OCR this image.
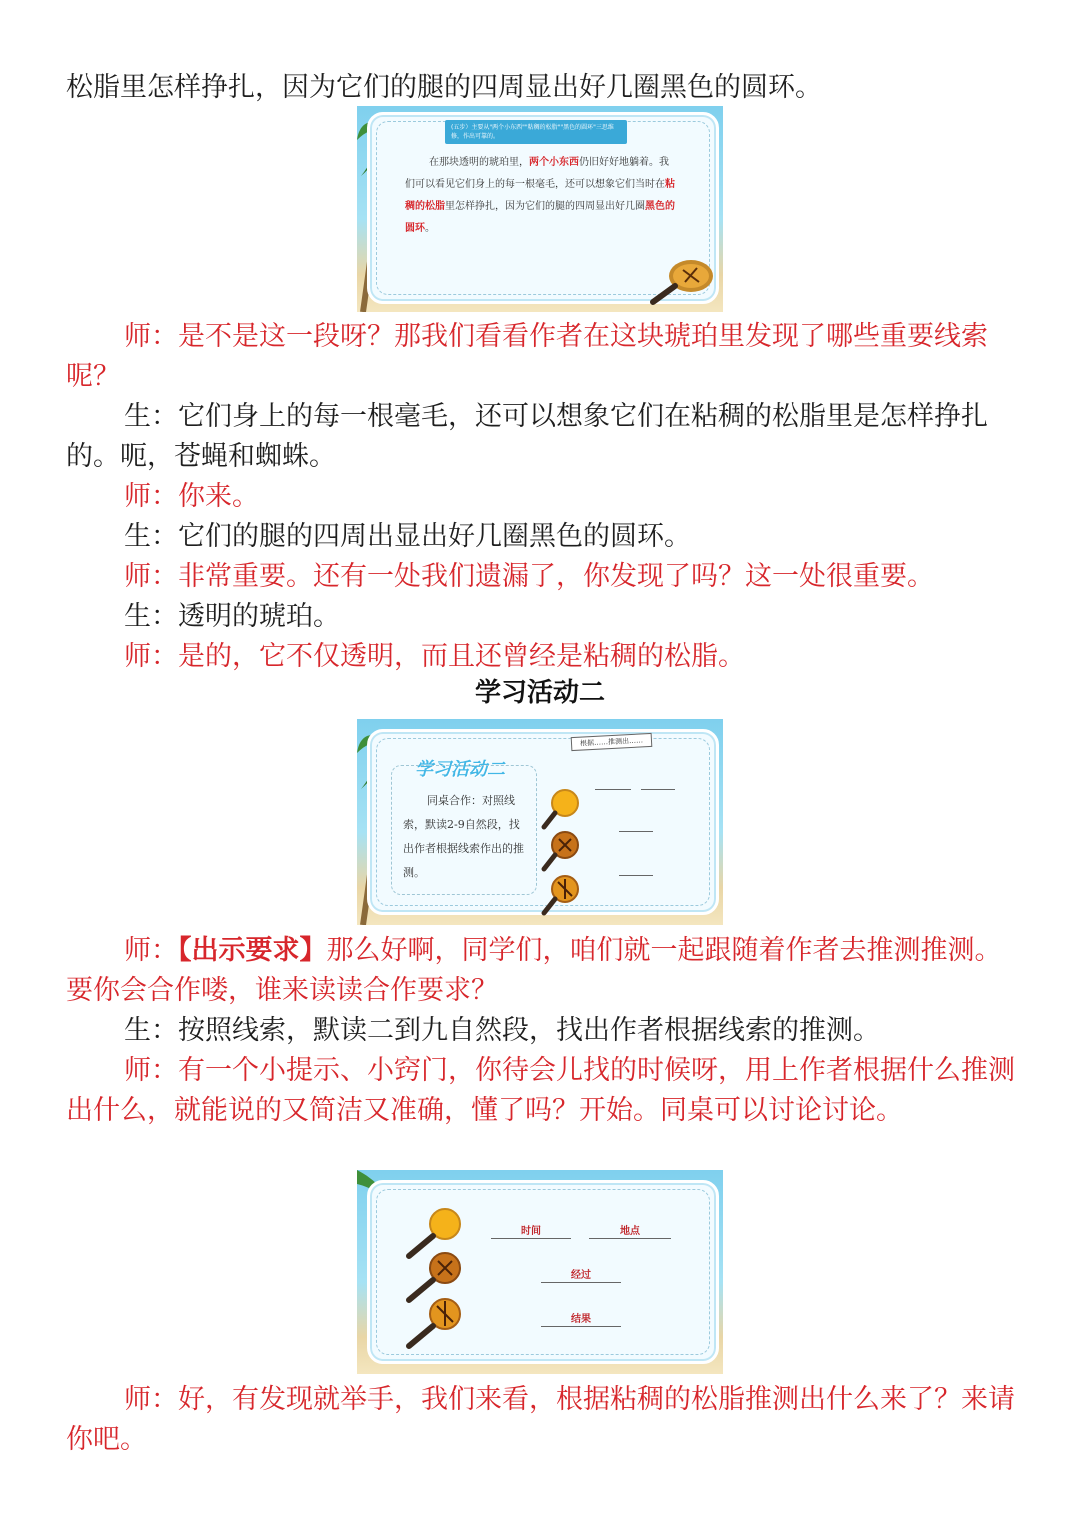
松脂里怎样挣扎，因为它们的腿的四周显出好几圈黑色的圆环。

(五步）主要从"两个小东西""粘稠的松脂""黑色的圆环"三思维修，作出可靠的。

在那块透明的琥珀里，两个小东西仍旧好好地躺着。我们可以看见它们身上的每一根毫毛，还可以想象它们当时在粘稠的松脂里怎样挣扎，因为它们的腿的四周显出好几圈黑色的圆环。

师：是不是这一段呀？那我们看看作者在这块琥珀里发现了哪些重要线索呢？

生：它们身上的每一根毫毛，还可以想象它们在粘稠的松脂里是怎样挣扎的。呃，苍蝇和蜘蛛。

师：你来。

生：它们的腿的四周出显出好几圈黑色的圆环。

师：非常重要。还有一处我们遗漏了，你发现了吗？这一处很重要。

生：透明的琥珀。

师：是的，它不仅透明，而且还曾经是粘稠的松脂。

学习活动二
根据……推测出……
学习活动二

同桌合作：对照线索，默读2-9自然段，找出作者根据线索作出的推测。

师：【出示要求】那么好啊，同学们，咱们就一起跟随着作者去推测推测。要你会合作喽，谁来读读合作要求？

生：按照线索，默读二到九自然段，找出作者根据线索的推测。

师：有一个小提示、小窍门，你待会儿找的时候呀，用上作者根据什么推测出什么，就能说的又简洁又准确，懂了吗？开始。同桌可以讨论讨论。

时间	地点
经过
结果

师：好，有发现就举手，我们来看，根据粘稠的松脂推测出什么来了？来请你吧。
